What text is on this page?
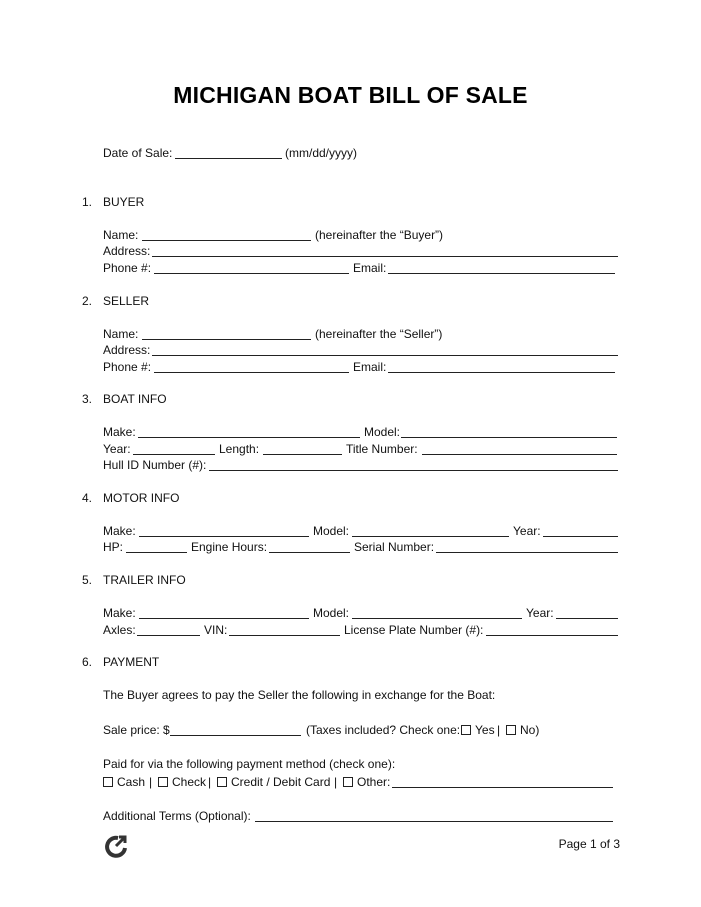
MICHIGAN BOAT BILL OF SALE
Date of Sale:	(mm/dd/yyyy)
1. BUYER
Name:	(hereinafter the “Buyer”)
Address:
Phone #:	Email:
2. SELLER
Name:	(hereinafter the “Seller”)
Address:
Phone #:	Email:
3. BOAT INFO
Make:	Model:
Year:	Length:	Title Number:
Hull ID Number (#):
4. MOTOR INFO
Make:	Model:	Year:
HP:	Engine Hours:	Serial Number:
5. TRAILER INFO
Make:	Model:	Year:
Axles:	VIN:	License Plate Number (#):
6. PAYMENT
The Buyer agrees to pay the Seller the following in exchange for the Boat:
Sale price: $	(Taxes included? Check one:	Yes |	No)
Paid for via the following payment method (check one):
Cash |	Check |	Credit / Debit Card |	Other:
Additional Terms (Optional):
Page 1 of 3
